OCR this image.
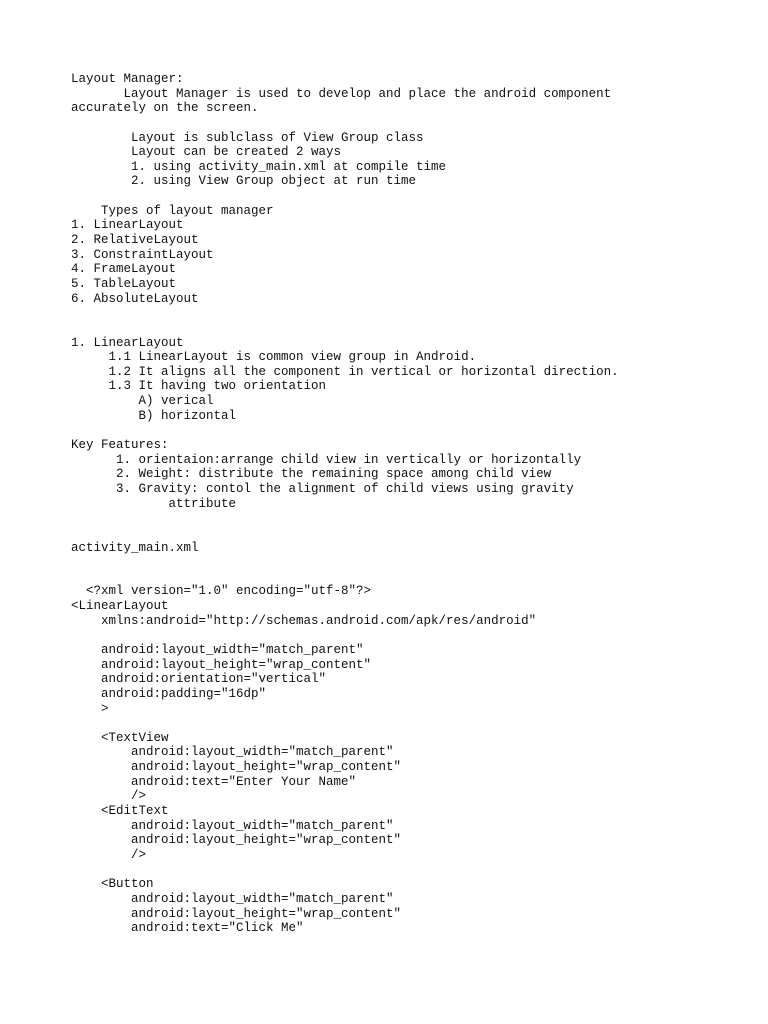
Layout Manager:
Layout Manager is used to develop and place the android component
accurately on the screen.
Layout is sublclass of View Group class
Layout can be created 2 ways
1. using activity_main.xml at compile time
2. using View Group object at run time
Types of layout manager
1. LinearLayout
2. RelativeLayout
3. ConstraintLayout
4. FrameLayout
5. TableLayout
6. AbsoluteLayout
1. LinearLayout
1.1 LinearLayout is common view group in Android.
1.2 It aligns all the component in vertical or horizontal direction.
1.3 It having two orientation
A) verical
B) horizontal
Key Features:
1. orientaion:arrange child view in vertically or horizontally
2. Weight: distribute the remaining space among child view
3. Gravity: contol the alignment of child views using gravity
attribute
activity_main.xml
<?xml version="1.0" encoding="utf-8"?>
<LinearLayout
xmlns:android="http://schemas.android.com/apk/res/android"
android:layout_width="match_parent"
android:layout_height="wrap_content"
android:orientation="vertical"
android:padding="16dp"
>
<TextView
android:layout_width="match_parent"
android:layout_height="wrap_content"
android:text="Enter Your Name"
/>
<EditText
android:layout_width="match_parent"
android:layout_height="wrap_content"
/>
<Button
android:layout_width="match_parent"
android:layout_height="wrap_content"
android:text="Click Me"
